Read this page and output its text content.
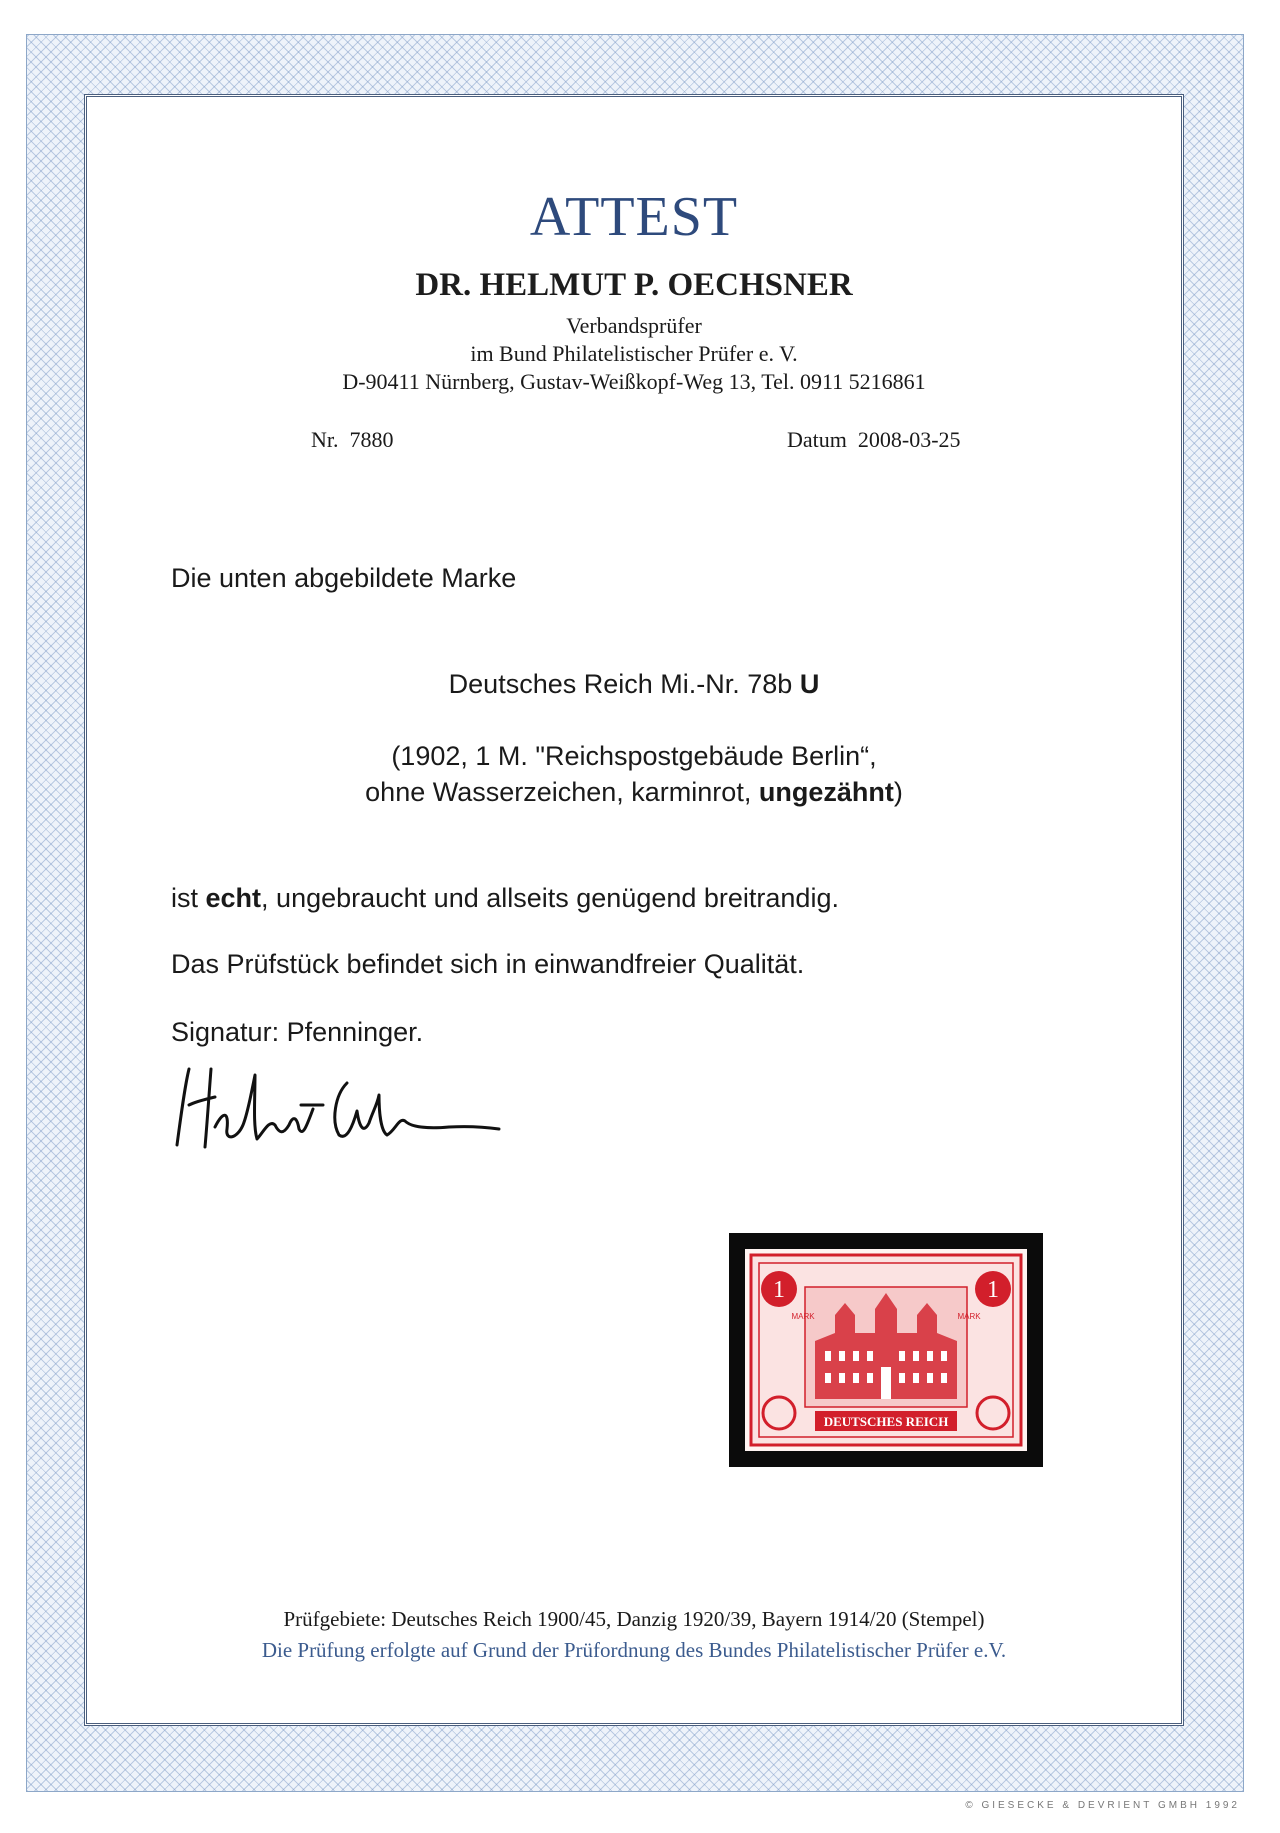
ATTEST
DR. HELMUT P. OECHSNER
Verbandsprüfer
im Bund Philatelistischer Prüfer e. V.
D-90411 Nürnberg, Gustav-Weißkopf-Weg 13, Tel. 0911 5216861
Nr. 7880	Datum 2008-03-25
Die unten abgebildete Marke
Deutsches Reich Mi.-Nr. 78b U
(1902, 1 M. "Reichspostgebäude Berlin“,
ohne Wasserzeichen, karminrot, ungezähnt)
ist echt, ungebraucht und allseits genügend breitrandig.
Das Prüfstück befindet sich in einwandfreier Qualität.
Signatur: Pfenninger.
1	1
MARK	MARK
DEUTSCHES REICH
Prüfgebiete: Deutsches Reich 1900/45, Danzig 1920/39, Bayern 1914/20 (Stempel)
Die Prüfung erfolgte auf Grund der Prüfordnung des Bundes Philatelistischer Prüfer e.V.
© GIESECKE & DEVRIENT GMBH 1992
